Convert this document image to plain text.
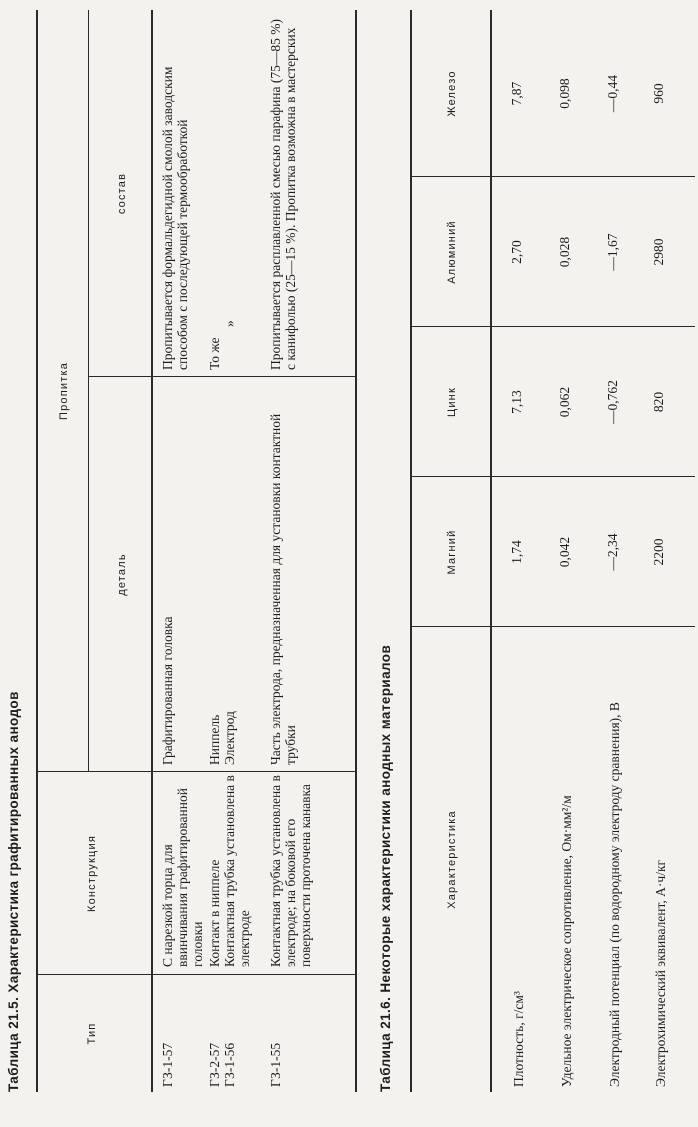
Таблица 21.5. Характеристика графитированных анодов	Тип
Конструкция
Пропитка
деталь
состав
ГЗ-1-57
С нарезкой торца для ввинчивания графитированной головки
Графитированная головка
Пропитывается формальдегидной смолой заводским способом с последующей термообработкой
ГЗ-2-57
Контакт в ниппеле
Ниппель
То же
ГЗ-1-56
Контактная трубка установлена в электроде
Электрод
»
ГЗ-1-55
Контактная трубка установлена в электроде; на боковой его поверхности проточена канавка
Часть электрода, предназначенная для установки контактной трубки
Пропитывается расплавленной смесью парафина (75—85 %) с канифолью (25—15 %). Пропитка возможна в мастерских
Таблица 21.6. Некоторые характеристики анодных материалов	Характеристика
Магний
Цинк
Алюминий
Железо
Плотность, г/см³
1,74
7,13
2,70
7,87
Удельное электрическое сопротивление, Ом·мм²/м
0,042
0,062
0,028
0,098
Электродный потенциал (по водородному электроду сравнения), В
—2,34
—0,762
—1,67
—0,44
Электрохимический эквивалент, А·ч/кг
2200
820
2980
960
